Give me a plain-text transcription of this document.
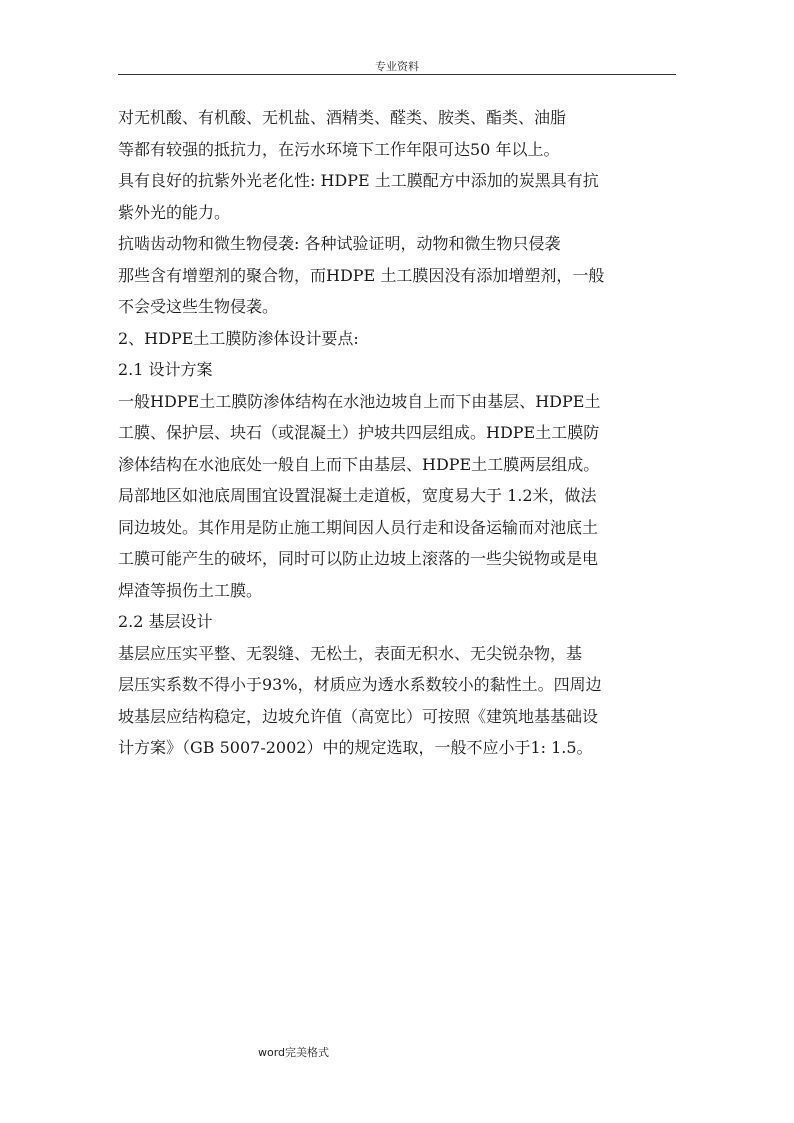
专业资料
对无机酸、有机酸、无机盐、酒精类、醛类、胺类、酯类、油脂
等都有较强的抵抗力，在污水环境下工作年限可达50 年以上。
具有良好的抗紫外光老化性: HDPE 土工膜配方中添加的炭黑具有抗
紫外光的能力。
抗啮齿动物和微生物侵袭: 各种试验证明，动物和微生物只侵袭
那些含有增塑剂的聚合物，而HDPE 土工膜因没有添加增塑剂，一般
不会受这些生物侵袭。
2、HDPE土工膜防渗体设计要点:
2.1 设计方案
一般HDPE土工膜防渗体结构在水池边坡自上而下由基层、HDPE土
工膜、保护层、块石（或混凝土）护坡共四层组成。HDPE土工膜防
渗体结构在水池底处一般自上而下由基层、HDPE土工膜两层组成。
局部地区如池底周围宜设置混凝土走道板，宽度易大于 1.2米，做法
同边坡处。其作用是防止施工期间因人员行走和设备运输而对池底土
工膜可能产生的破坏，同时可以防止边坡上滚落的一些尖锐物或是电
焊渣等损伤土工膜。
2.2 基层设计
基层应压实平整、无裂缝、无松土，表面无积水、无尖锐杂物，基
层压实系数不得小于93%，材质应为透水系数较小的黏性土。四周边
坡基层应结构稳定，边坡允许值（高宽比）可按照《建筑地基基础设
计方案》（GB 5007-2002）中的规定选取，一般不应小于1: 1.5。
word完美格式
